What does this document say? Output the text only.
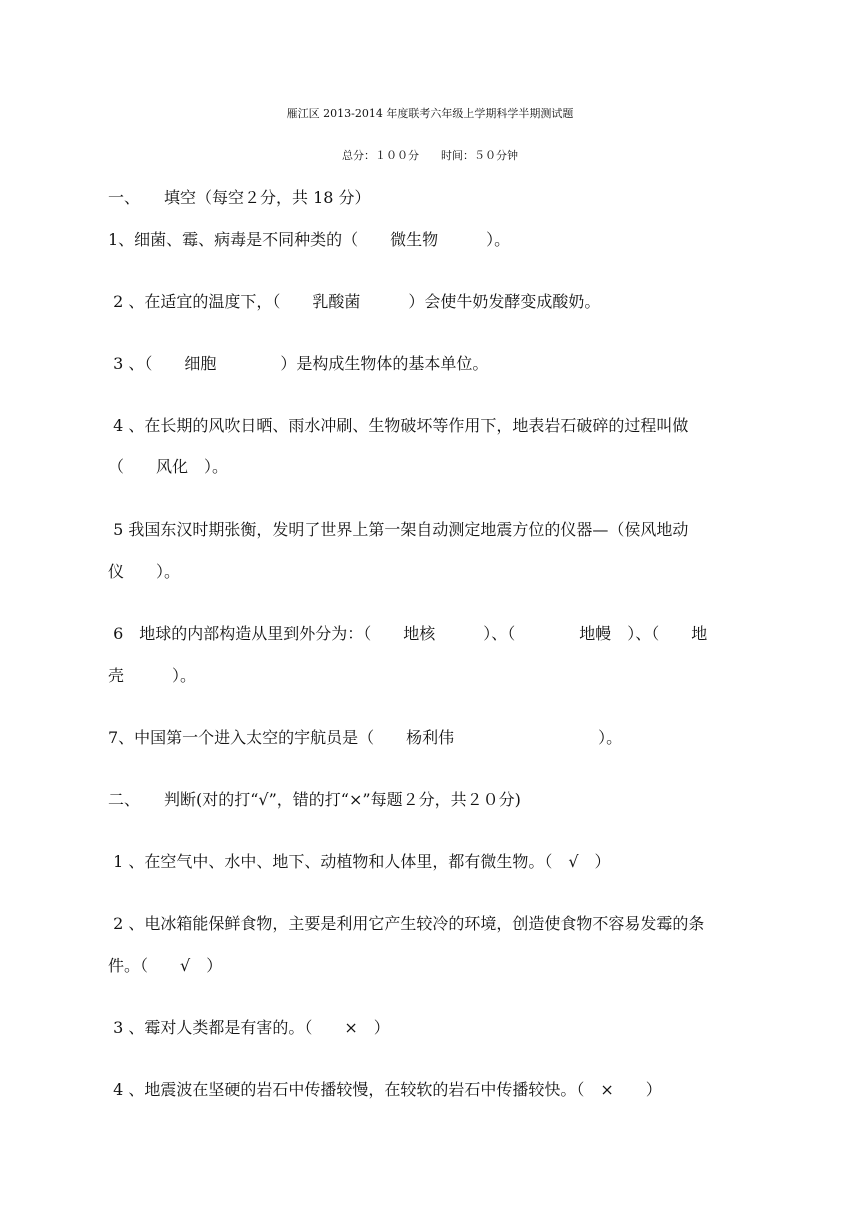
雁江区 2013-2014 年度联考六年级上学期科学半期测试题
总分：１００分　　时间：５０分钟
一、　　填空（每空２分，共 18 分）
1、细菌、霉、病毒是不同种类的（　　微生物　　　）。
2 、在适宜的温度下，（　　乳酸菌　　　）会使牛奶发酵变成酸奶。
3 、（　　细胞　　　　）是构成生物体的基本单位。
4 、在长期的风吹日晒、雨水冲刷、生物破坏等作用下，地表岩石破碎的过程叫做
（　　风化　）。
5 我国东汉时期张衡，发明了世界上第一架自动测定地震方位的仪器—（侯风地动
仪　　）。
6　地球的内部构造从里到外分为：（　　地核　　　）、（　　　　地幔　）、（　　地
壳　　　）。
7、中国第一个进入太空的宇航员是（　　杨利伟　　　　　　　　　）。
二、　　判断(对的打“√”，错的打“×”每题２分，共２０分)
1 、在空气中、水中、地下、动植物和人体里，都有微生物。（　√　）
2 、电冰箱能保鲜食物，主要是利用它产生较冷的环境，创造使食物不容易发霉的条
件。（　　√　）
3 、霉对人类都是有害的。（　　×　）
4 、地震波在坚硬的岩石中传播较慢，在较软的岩石中传播较快。（　×　　）
